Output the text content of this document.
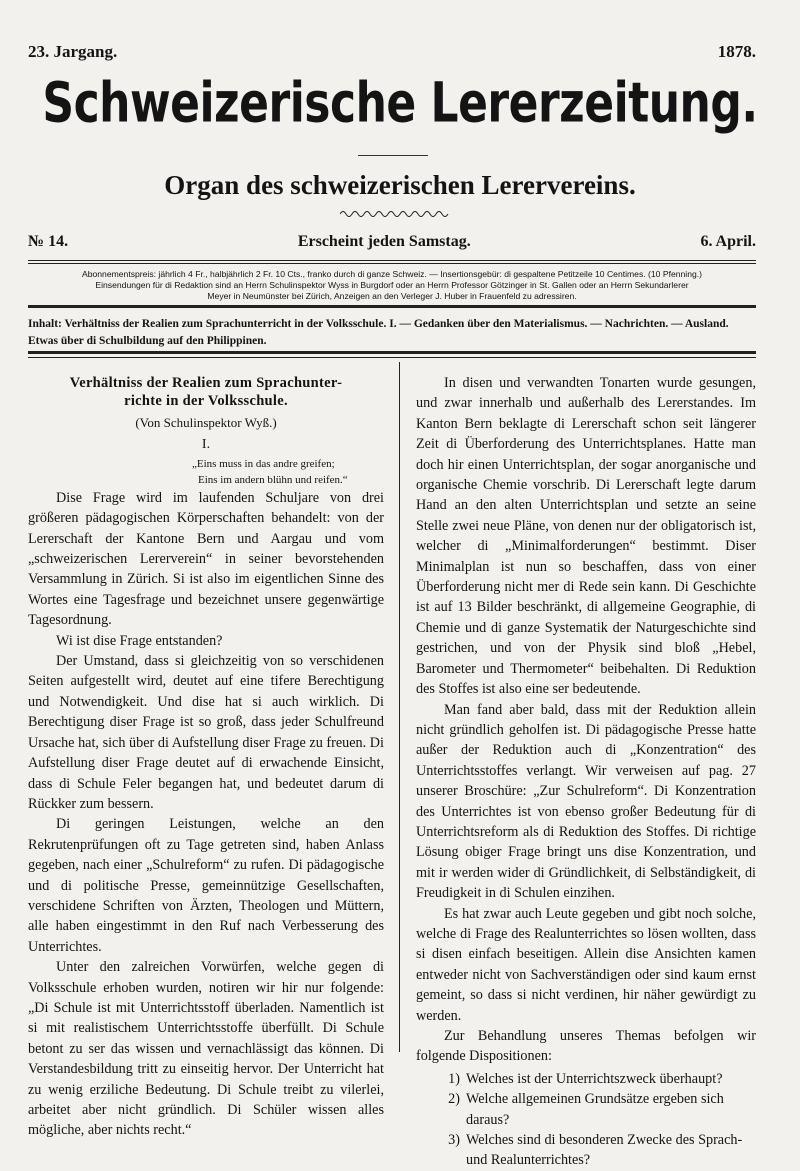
23. Jargang.	1878.
Schweizerische Lererzeitung.
Organ des schweizerischen Lerervereins.
№ 14.	Erscheint jeden Samstag.	6. April.
Abonnementspreis: jährlich 4 Fr., halbjährlich 2 Fr. 10 Cts., franko durch di ganze Schweiz. — Insertionsgebür: di gespaltene Petitzeile 10 Centimes. (10 Pfenning.)
Einsendungen für di Redaktion sind an Herrn Schulinspektor Wyss in Burgdorf oder an Herrn Professor Götzinger in St. Gallen oder an Herrn Sekundarlerer
Meyer in Neumünster bei Zürich, Anzeigen an den Verleger J. Huber in Frauenfeld zu adressiren.
Inhalt: Verhältniss der Realien zum Sprachunterricht in der Volksschule. I. — Gedanken über den Materialismus. — Nachrichten. — Ausland. Etwas über di Schulbildung auf den Philippinen.
Verhältniss der Realien zum Sprachunter-
richte in der Volksschule.
(Von Schulinspektor Wyß.)
I.
„Eins muss in das andre greifen;
Eins im andern blühn und reifen.“

Dise Frage wird im laufenden Schuljare von drei größeren pädagogischen Körperschaften behandelt: von der Lererschaft der Kantone Bern und Aargau und vom „schweizerischen Lererverein“ in seiner bevorstehenden Versammlung in Zürich. Si ist also im eigentlichen Sinne des Wortes eine Tagesfrage und bezeichnet unsere gegenwärtige Tagesordnung.

Wi ist dise Frage entstanden?

Der Umstand, dass si gleichzeitig von so verschidenen Seiten aufgestellt wird, deutet auf eine tifere Berechtigung und Notwendigkeit. Und dise hat si auch wirklich. Di Berechtigung diser Frage ist so groß, dass jeder Schulfreund Ursache hat, sich über di Aufstellung diser Frage zu freuen. Di Aufstellung diser Frage deutet auf di erwachende Einsicht, dass di Schule Feler begangen hat, und bedeutet darum di Rückker zum bessern.

Di geringen Leistungen, welche an den Rekrutenprüfungen oft zu Tage getreten sind, haben Anlass gegeben, nach einer „Schulreform“ zu rufen. Di pädagogische und di politische Presse, gemeinnützige Gesellschaften, verschidene Schriften von Ärzten, Theologen und Müttern, alle haben eingestimmt in den Ruf nach Verbesserung des Unterrichtes.

Unter den zalreichen Vorwürfen, welche gegen di Volksschule erhoben wurden, notiren wir hir nur folgende: „Di Schule ist mit Unterrichtsstoff überladen. Namentlich ist si mit realistischem Unterrichtsstoffe überfüllt. Di Schule betont zu ser das wissen und vernachlässigt das können. Di Verstandesbildung tritt zu einseitig hervor. Der Unterricht hat zu wenig erziliche Bedeutung. Di Schule treibt zu vilerlei, arbeitet aber nicht gründlich. Di Schüler wissen alles mögliche, aber nichts recht.“

In disen und verwandten Tonarten wurde gesungen, und zwar innerhalb und außerhalb des Lererstandes. Im Kanton Bern beklagte di Lererschaft schon seit längerer Zeit di Überforderung des Unterrichtsplanes. Hatte man doch hir einen Unterrichtsplan, der sogar anorganische und organische Chemie vorschrib. Di Lererschaft legte darum Hand an den alten Unterrichtsplan und setzte an seine Stelle zwei neue Pläne, von denen nur der obligatorisch ist, welcher di „Minimalforderungen“ bestimmt. Diser Minimalplan ist nun so beschaffen, dass von einer Überforderung nicht mer di Rede sein kann. Di Geschichte ist auf 13 Bilder beschränkt, di allgemeine Geographie, di Chemie und di ganze Systematik der Naturgeschichte sind gestrichen, und von der Physik sind bloß „Hebel, Barometer und Thermometer“ beibehalten. Di Reduktion des Stoffes ist also eine ser bedeutende.

Man fand aber bald, dass mit der Reduktion allein nicht gründlich geholfen ist. Di pädagogische Presse hatte außer der Reduktion auch di „Konzentration“ des Unterrichtsstoffes verlangt. Wir verweisen auf pag. 27 unserer Broschüre: „Zur Schulreform“. Di Konzentration des Unterrichtes ist von ebenso großer Bedeutung für di Unterrichtsreform als di Reduktion des Stoffes. Di richtige Lösung obiger Frage bringt uns dise Konzentration, und mit ir werden wider di Gründlichkeit, di Selbständigkeit, di Freudigkeit in di Schulen einzihen.

Es hat zwar auch Leute gegeben und gibt noch solche, welche di Frage des Realunterrichtes so lösen wollten, dass si disen einfach beseitigen. Allein dise Ansichten kamen entweder nicht von Sachverständigen oder sind kaum ernst gemeint, so dass si nicht verdinen, hir näher gewürdigt zu werden.

Zur Behandlung unseres Themas befolgen wir folgende Dispositionen:

1) Welches ist der Unterrichtszweck überhaupt?
2) Welche allgemeinen Grundsätze ergeben sich daraus?
3) Welches sind di besonderen Zwecke des Sprach- und Realunterrichtes?
